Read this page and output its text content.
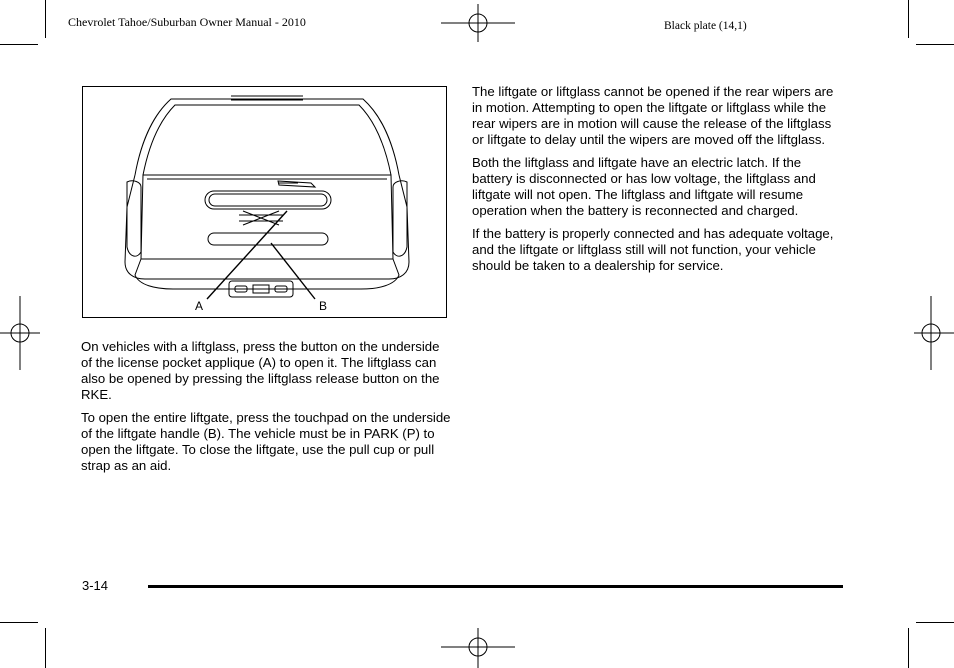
Chevrolet Tahoe/Suburban Owner Manual - 2010	Black plate (14,1)
A	B

On vehicles with a liftglass, press the button on the underside of the license pocket applique (A) to open it. The liftglass can also be opened by pressing the liftglass release button on the RKE.

To open the entire liftgate, press the touchpad on the underside of the liftgate handle (B). The vehicle must be in PARK (P) to open the liftgate. To close the liftgate, use the pull cup or pull strap as an aid.

The liftgate or liftglass cannot be opened if the rear wipers are in motion. Attempting to open the liftgate or liftglass while the rear wipers are in motion will cause the release of the liftglass or liftgate to delay until the wipers are moved off the liftglass.

Both the liftglass and liftgate have an electric latch. If the battery is disconnected or has low voltage, the liftglass and liftgate will not open. The liftglass and liftgate will resume operation when the battery is reconnected and charged.

If the battery is properly connected and has adequate voltage, and the liftgate or liftglass still will not function, your vehicle should be taken to a dealership for service.

3-14
